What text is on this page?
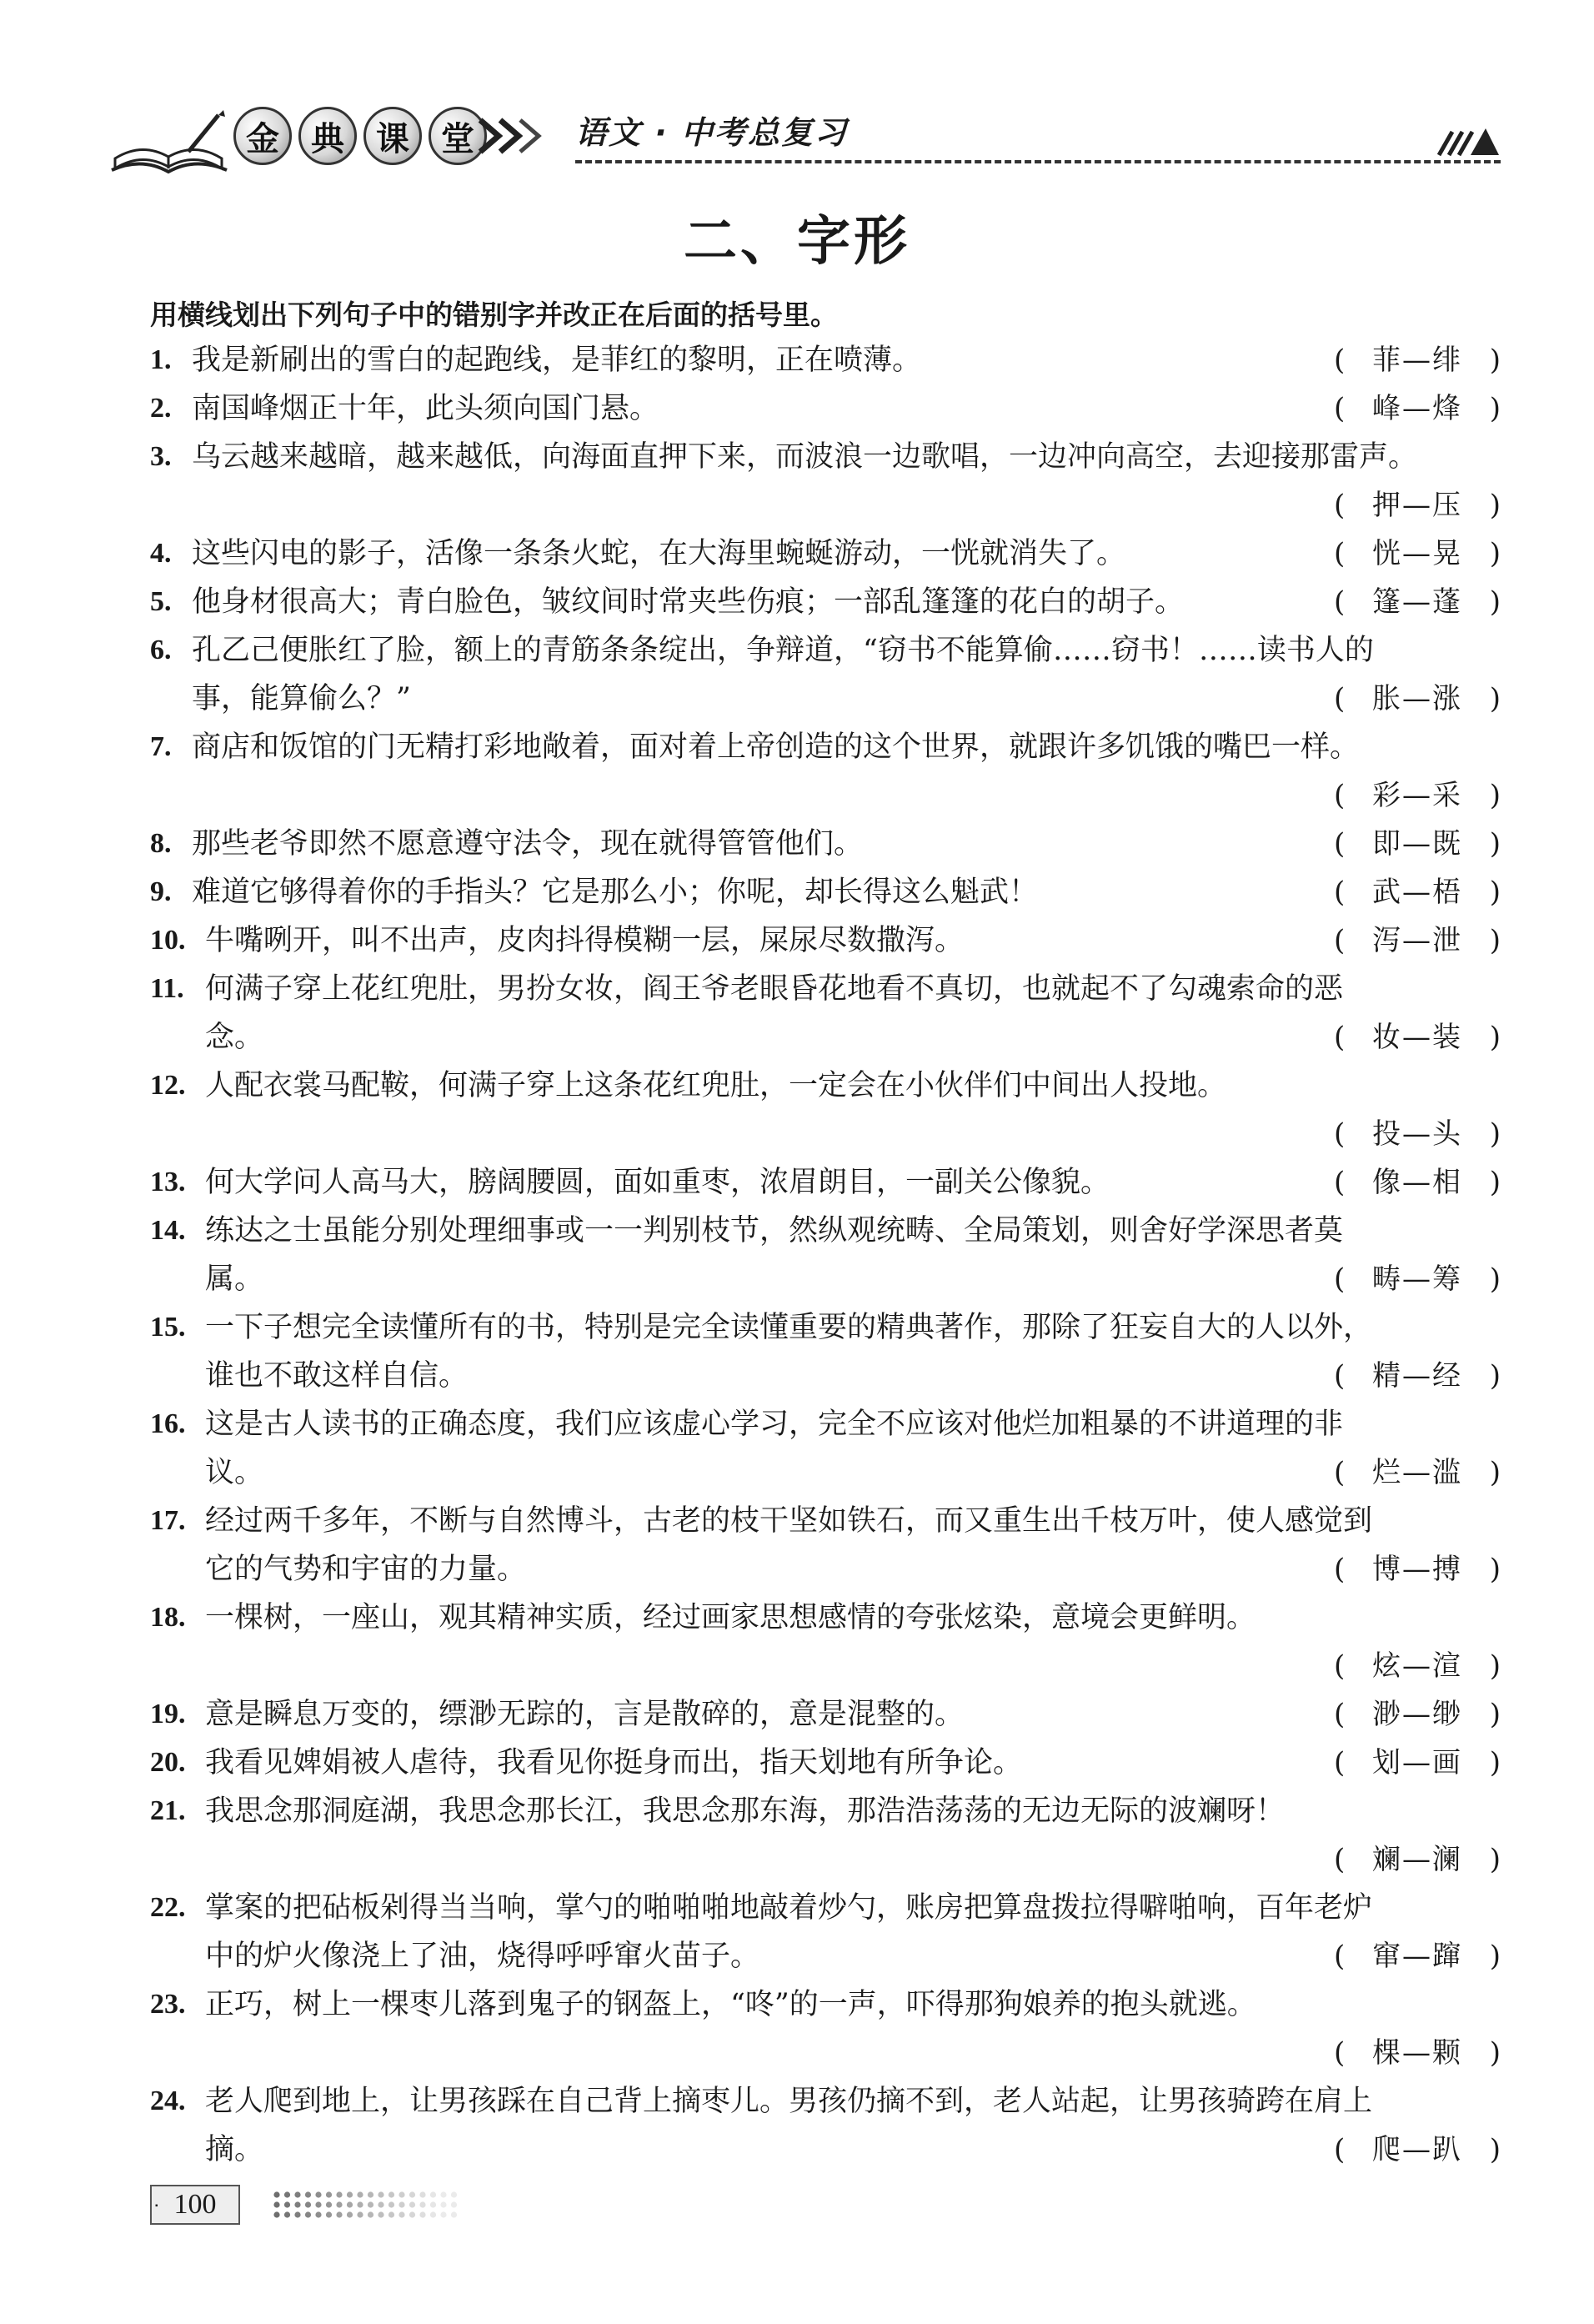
金 典 课 堂	语文 · 中考总复习
二、字形
用横线划出下列句子中的错别字并改正在后面的括号里。
1. 我是新刷出的雪白的起跑线，是菲红的黎明，正在喷薄。	( 菲—绯 )
2. 南国峰烟正十年，此头须向国门悬。	( 峰—烽 )
3. 乌云越来越暗，越来越低，向海面直押下来，而波浪一边歌唱，一边冲向高空，去迎接那雷声。
( 押—压 )
4. 这些闪电的影子，活像一条条火蛇，在大海里蜿蜒游动，一恍就消失了。	( 恍—晃 )
5. 他身材很高大；青白脸色，皱纹间时常夹些伤痕；一部乱篷篷的花白的胡子。	( 篷—蓬 )
6. 孔乙己便胀红了脸，额上的青筋条条绽出，争辩道，“窃书不能算偷……窃书！……读书人的
事，能算偷么？”	( 胀—涨 )
7. 商店和饭馆的门无精打彩地敞着，面对着上帝创造的这个世界，就跟许多饥饿的嘴巴一样。
( 彩—采 )
8. 那些老爷即然不愿意遵守法令，现在就得管管他们。	( 即—既 )
9. 难道它够得着你的手指头？它是那么小；你呢，却长得这么魁武！	( 武—梧 )
10. 牛嘴咧开，叫不出声，皮肉抖得模糊一层，屎尿尽数撒泻。	( 泻—泄 )
11. 何满子穿上花红兜肚，男扮女妆，阎王爷老眼昏花地看不真切，也就起不了勾魂索命的恶
念。	( 妆—装 )
12. 人配衣裳马配鞍，何满子穿上这条花红兜肚，一定会在小伙伴们中间出人投地。
( 投—头 )
13. 何大学问人高马大，膀阔腰圆，面如重枣，浓眉朗目，一副关公像貌。	( 像—相 )
14. 练达之士虽能分别处理细事或一一判别枝节，然纵观统畴、全局策划，则舍好学深思者莫
属。	( 畴—筹 )
15. 一下子想完全读懂所有的书，特别是完全读懂重要的精典著作，那除了狂妄自大的人以外，
谁也不敢这样自信。	( 精—经 )
16. 这是古人读书的正确态度，我们应该虚心学习，完全不应该对他烂加粗暴的不讲道理的非
议。	( 烂—滥 )
17. 经过两千多年，不断与自然博斗，古老的枝干坚如铁石，而又重生出千枝万叶，使人感觉到
它的气势和宇宙的力量。	( 博—搏 )
18. 一棵树，一座山，观其精神实质，经过画家思想感情的夸张炫染，意境会更鲜明。
( 炫—渲 )
19. 意是瞬息万变的，缥渺无踪的，言是散碎的，意是混整的。	( 渺—缈 )
20. 我看见婢娟被人虐待，我看见你挺身而出，指天划地有所争论。	( 划—画 )
21. 我思念那洞庭湖，我思念那长江，我思念那东海，那浩浩荡荡的无边无际的波斓呀！
( 斓—澜 )
22. 掌案的把砧板剁得当当响，掌勺的啪啪啪地敲着炒勺，账房把算盘拨拉得噼啪响，百年老炉
中的炉火像浇上了油，烧得呼呼窜火苗子。	( 窜—蹿 )
23. 正巧，树上一棵枣儿落到鬼子的钢盔上，“咚”的一声，吓得那狗娘养的抱头就逃。
( 棵—颗 )
24. 老人爬到地上，让男孩踩在自己背上摘枣儿。男孩仍摘不到，老人站起，让男孩骑跨在肩上
摘。	( 爬—趴 )
▪ 100
